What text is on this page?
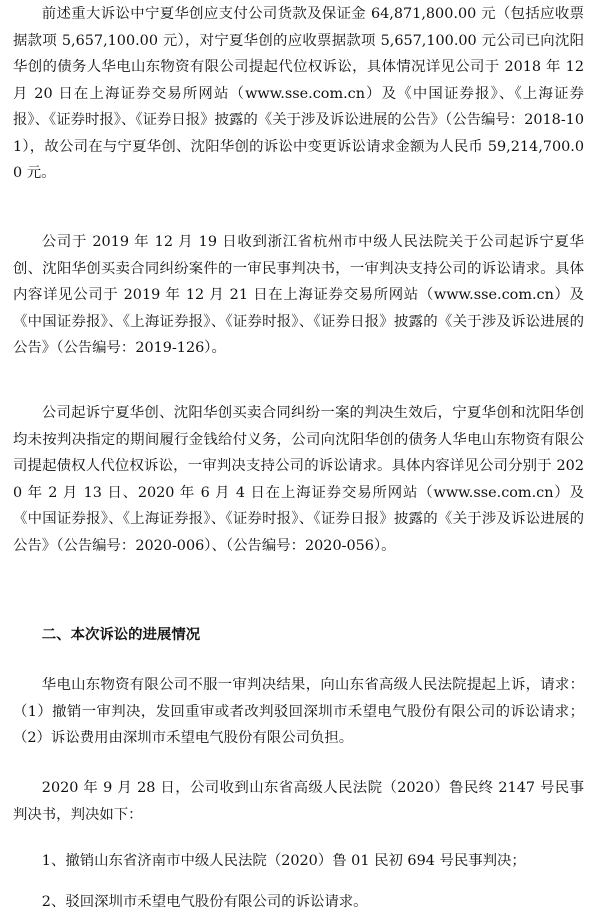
前述重大诉讼中宁夏华创应支付公司货款及保证金 64,871,800.00 元（包括应收票据款项 5,657,100.00 元），对宁夏华创的应收票据款项 5,657,100.00 元公司已向沈阳华创的债务人华电山东物资有限公司提起代位权诉讼，具体情况详见公司于 2018 年 12 月 20 日在上海证券交易所网站（www.sse.com.cn）及《中国证券报》、《上海证券报》、《证券时报》、《证券日报》披露的《关于涉及诉讼进展的公告》（公告编号：2018-101），故公司在与宁夏华创、沈阳华创的诉讼中变更诉讼请求金额为人民币 59,214,700.00 元。

公司于 2019 年 12 月 19 日收到浙江省杭州市中级人民法院关于公司起诉宁夏华创、沈阳华创买卖合同纠纷案件的一审民事判决书，一审判决支持公司的诉讼请求。具体内容详见公司于 2019 年 12 月 21 日在上海证券交易所网站（www.sse.com.cn）及《中国证券报》、《上海证券报》、《证券时报》、《证券日报》披露的《关于涉及诉讼进展的公告》（公告编号：2019-126）。

公司起诉宁夏华创、沈阳华创买卖合同纠纷一案的判决生效后，宁夏华创和沈阳华创均未按判决指定的期间履行金钱给付义务，公司向沈阳华创的债务人华电山东物资有限公司提起债权人代位权诉讼，一审判决支持公司的诉讼请求。具体内容详见公司分别于 2020 年 2 月 13 日、2020 年 6 月 4 日在上海证券交易所网站（www.sse.com.cn）及《中国证券报》、《上海证券报》、《证券时报》、《证券日报》披露的《关于涉及诉讼进展的公告》（公告编号：2020-006）、（公告编号：2020-056）。

二、本次诉讼的进展情况

华电山东物资有限公司不服一审判决结果，向山东省高级人民法院提起上诉，请求：（1）撤销一审判决，发回重审或者改判驳回深圳市禾望电气股份有限公司的诉讼请求；（2）诉讼费用由深圳市禾望电气股份有限公司负担。

2020 年 9 月 28 日，公司收到山东省高级人民法院（2020）鲁民终 2147 号民事判决书，判决如下：

1、撤销山东省济南市中级人民法院（2020）鲁 01 民初 694 号民事判决；

2、驳回深圳市禾望电气股份有限公司的诉讼请求。
